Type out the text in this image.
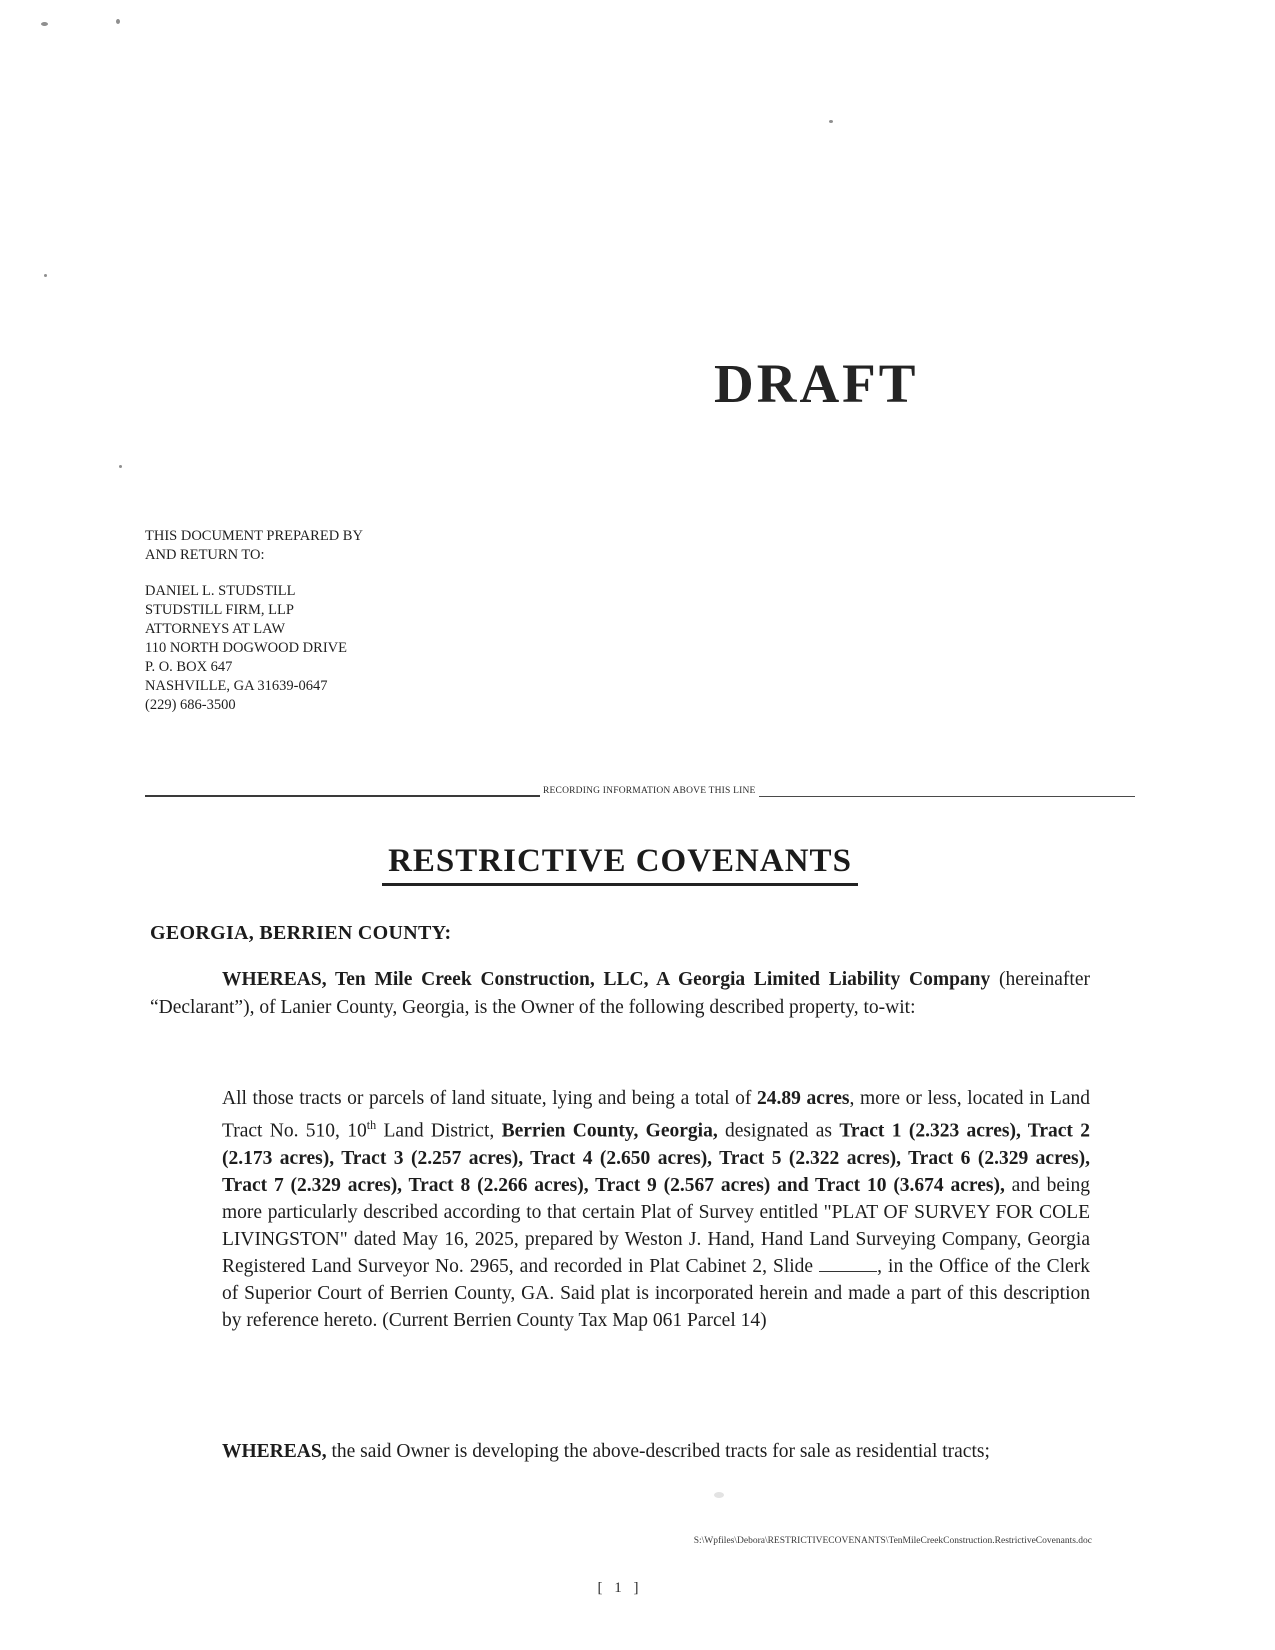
DRAFT
THIS DOCUMENT PREPARED BY
AND RETURN TO:
DANIEL L. STUDSTILL
STUDSTILL FIRM, LLP
ATTORNEYS AT LAW
110 NORTH DOGWOOD DRIVE
P. O. BOX 647
NASHVILLE, GA 31639-0647
(229) 686-3500
RECORDING INFORMATION ABOVE THIS LINE
RESTRICTIVE COVENANTS
GEORGIA, BERRIEN COUNTY:
WHEREAS, Ten Mile Creek Construction, LLC, A Georgia Limited Liability Company (hereinafter “Declarant”), of Lanier County, Georgia, is the Owner of the following described property, to-wit:
All those tracts or parcels of land situate, lying and being a total of 24.89 acres, more or less, located in Land Tract No. 510, 10th Land District, Berrien County, Georgia, designated as Tract 1 (2.323 acres), Tract 2 (2.173 acres), Tract 3 (2.257 acres), Tract 4 (2.650 acres), Tract 5 (2.322 acres), Tract 6 (2.329 acres), Tract 7 (2.329 acres), Tract 8 (2.266 acres), Tract 9 (2.567 acres) and Tract 10 (3.674 acres), and being more particularly described according to that certain Plat of Survey entitled "PLAT OF SURVEY FOR COLE LIVINGSTON" dated May 16, 2025, prepared by Weston J. Hand, Hand Land Surveying Company, Georgia Registered Land Surveyor No. 2965, and recorded in Plat Cabinet 2, Slide	, in the Office of the Clerk of Superior Court of Berrien County, GA. Said plat is incorporated herein and made a part of this description by reference hereto. (Current Berrien County Tax Map 061 Parcel 14)
WHEREAS, the said Owner is developing the above-described tracts for sale as residential tracts;
S:\Wpfiles\Debora\RESTRICTIVECOVENANTS\TenMileCreekConstruction.RestrictiveCovenants.doc
[ 1 ]
